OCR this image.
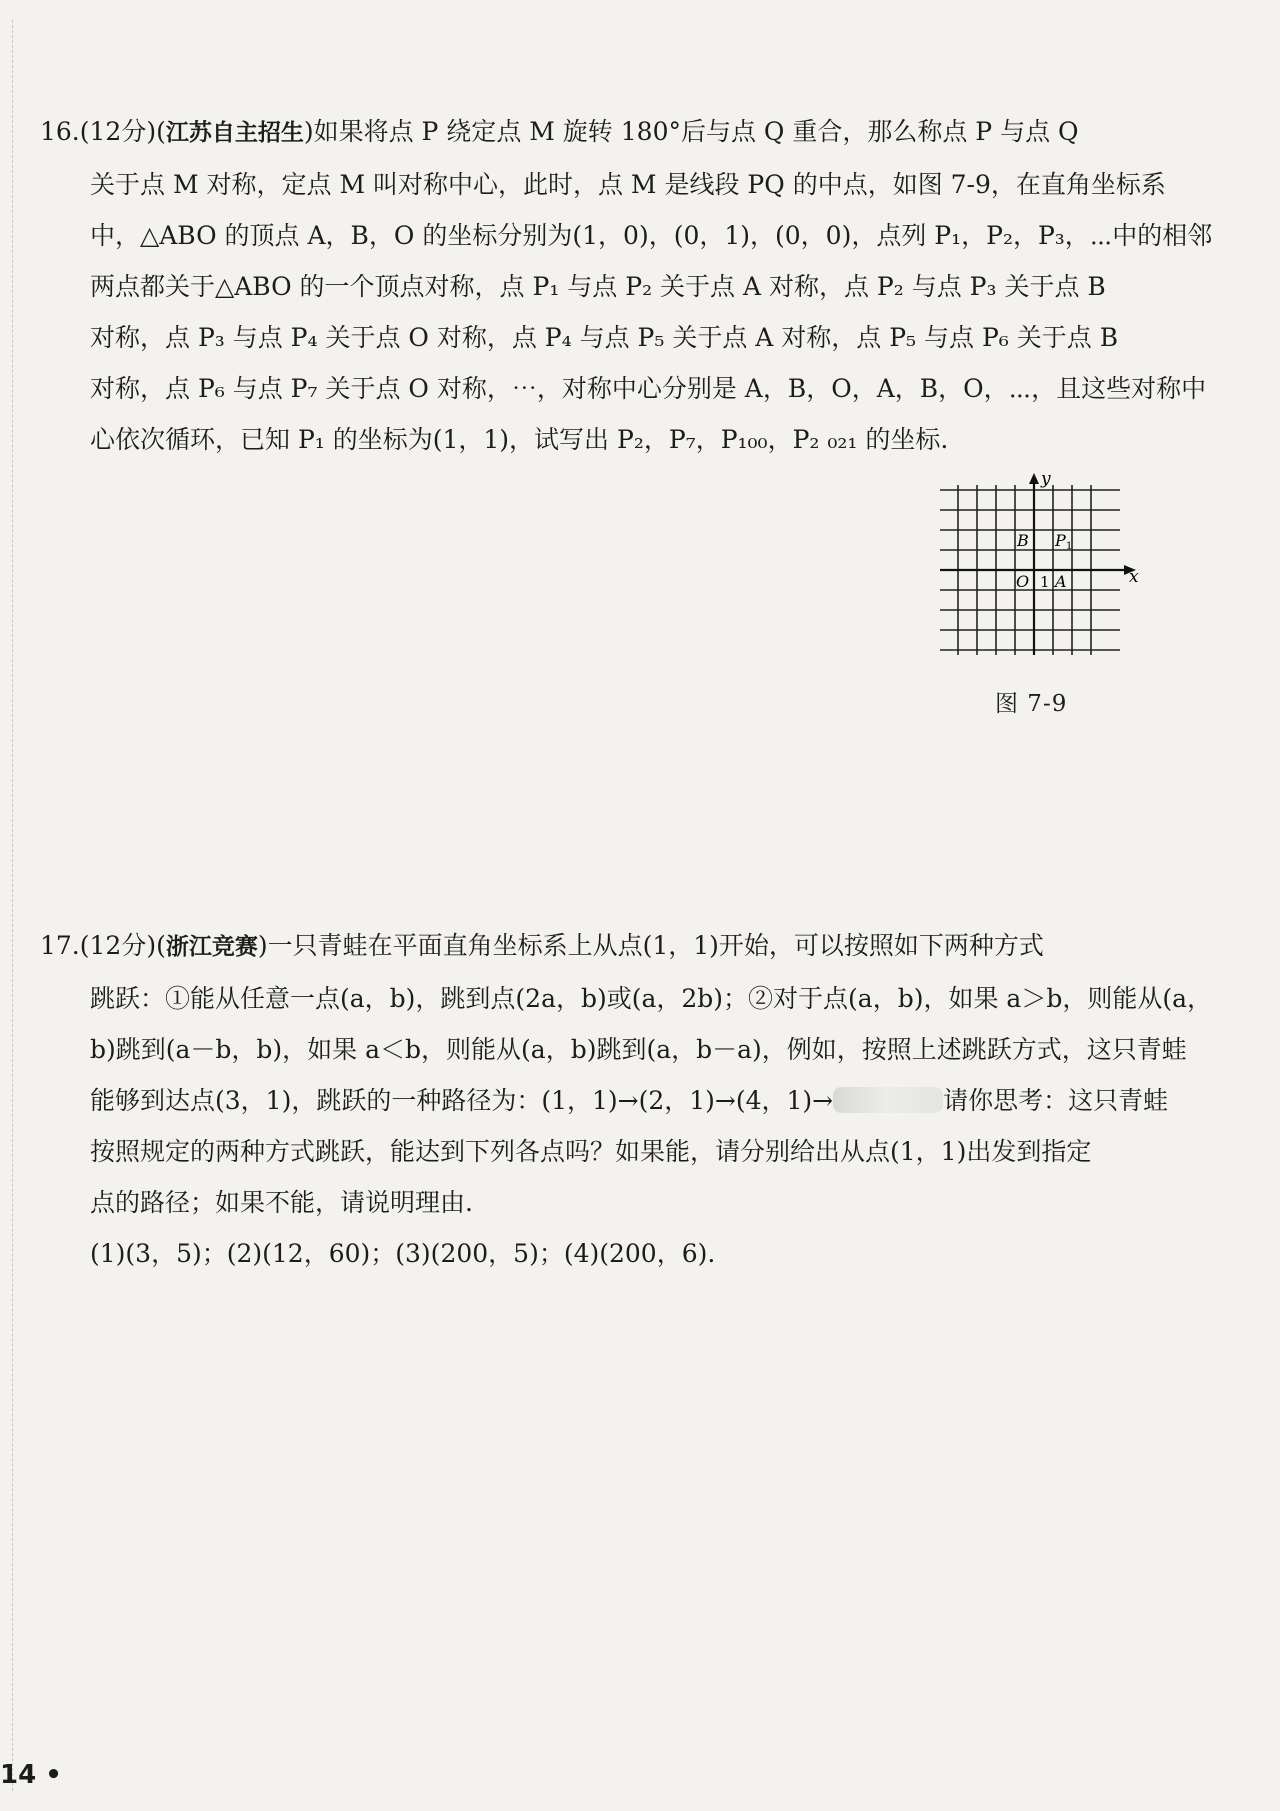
16.(12分)(江苏自主招生)如果将点 P 绕定点 M 旋转 180°后与点 Q 重合，那么称点 P 与点 Q

关于点 M 对称，定点 M 叫对称中心，此时，点 M 是线段 PQ 的中点，如图 7-9，在直角坐标系

中，△ABO 的顶点 A，B，O 的坐标分别为(1，0)，(0，1)，(0，0)，点列 P₁，P₂，P₃，⋯中的相邻

两点都关于△ABO 的一个顶点对称，点 P₁ 与点 P₂ 关于点 A 对称，点 P₂ 与点 P₃ 关于点 B

对称，点 P₃ 与点 P₄ 关于点 O 对称，点 P₄ 与点 P₅ 关于点 A 对称，点 P₅ 与点 P₆ 关于点 B

对称，点 P₆ 与点 P₇ 关于点 O 对称，⋯，对称中心分别是 A，B，O，A，B，O，⋯，且这些对称中

心依次循环，已知 P₁ 的坐标为(1，1)，试写出 P₂，P₇，P₁₀₀，P₂ ₀₂₁ 的坐标.

y
x
B P 1
O 1 A
图 7-9

17.(12分)(浙江竞赛)一只青蛙在平面直角坐标系上从点(1，1)开始，可以按照如下两种方式

跳跃：①能从任意一点(a，b)，跳到点(2a，b)或(a，2b)；②对于点(a，b)，如果 a＞b，则能从(a，

b)跳到(a－b，b)，如果 a＜b，则能从(a，b)跳到(a，b－a)，例如，按照上述跳跃方式，这只青蛙

能够到达点(3，1)，跳跃的一种路径为：(1，1)→(2，1)→(4，1)→	请你思考：这只青蛙

按照规定的两种方式跳跃，能达到下列各点吗？如果能，请分别给出从点(1，1)出发到指定

点的路径；如果不能，请说明理由.

(1)(3，5)；(2)(12，60)；(3)(200，5)；(4)(200，6).

14 •
